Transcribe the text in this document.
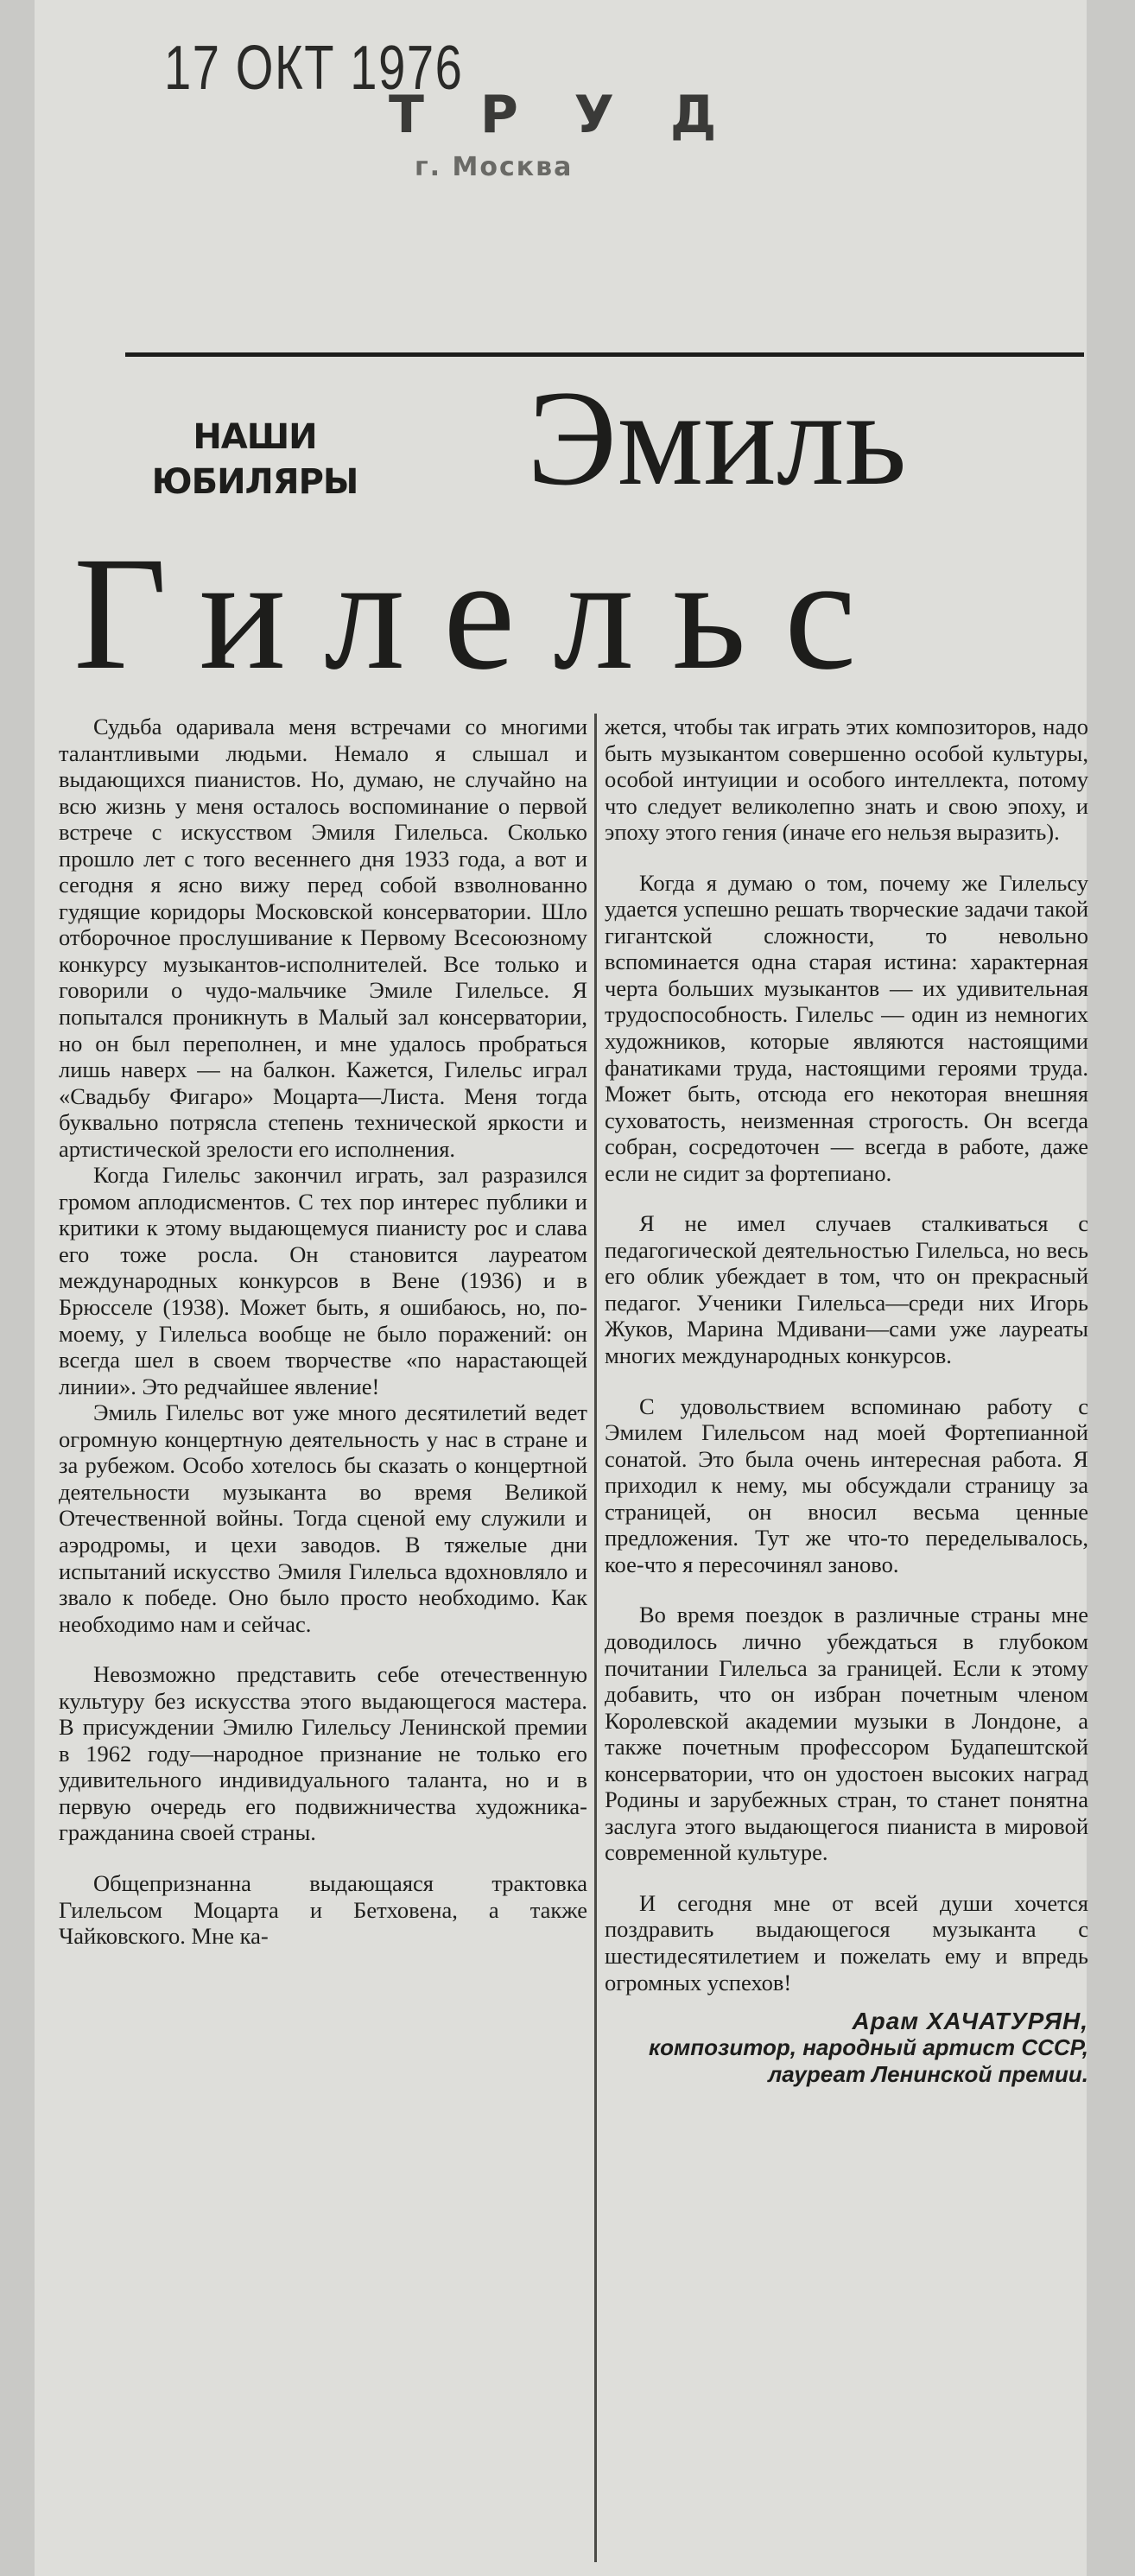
17 ОКТ 1976
Т Р У Д
г. Москва
НАШИ
ЮБИЛЯРЫ Эмиль
Гилельс

Судьба одаривала меня встречами со многими талантливыми людьми. Немало я слышал и выдающихся пианистов. Но, думаю, не случайно на всю жизнь у меня осталось воспоминание о первой встрече с искусством Эмиля Гилельса. Сколько прошло лет с того весеннего дня 1933 года, а вот и сегодня я ясно вижу перед собой взволнованно гудящие коридоры Московской консерватории. Шло отборочное прослушивание к Первому Всесоюзному конкурсу музыкантов-исполнителей. Все только и говорили о чудо-мальчике Эмиле Гилельсе. Я попытался проникнуть в Малый зал консерватории, но он был переполнен, и мне удалось пробраться лишь наверх — на балкон. Кажется, Гилельс играл «Свадьбу Фигаро» Моцарта—Листа. Меня тогда буквально потрясла степень технической яркости и артистической зрелости его исполнения.

Когда Гилельс закончил играть, зал разразился громом аплодисментов. С тех пор интерес публики и критики к этому выдающемуся пианисту рос и слава его тоже росла. Он становится лауреатом международных конкурсов в Вене (1936) и в Брюсселе (1938). Может быть, я ошибаюсь, но, по-моему, у Гилельса вообще не было поражений: он всегда шел в своем творчестве «по нарастающей линии». Это редчайшее явление!

Эмиль Гилельс вот уже много десятилетий ведет огромную концертную деятельность у нас в стране и за рубежом. Особо хотелось бы сказать о концертной деятельности музыканта во время Великой Отечественной войны. Тогда сценой ему служили и аэродромы, и цехи заводов. В тяжелые дни испытаний искусство Эмиля Гилельса вдохновляло и звало к победе. Оно было просто необходимо. Как необходимо нам и сейчас.

Невозможно представить себе отечественную культуру без искусства этого выдающегося мастера. В присуждении Эмилю Гилельсу Ленинской премии в 1962 году—народное признание не только его удивительного индивидуального таланта, но и в первую очередь его подвижничества художника-гражданина своей страны.

Общепризнанна выдающаяся трактовка Гилельсом Моцарта и Бетховена, а также Чайковского. Мне ка-

жется, чтобы так играть этих композиторов, надо быть музыкантом совершенно особой культуры, особой интуиции и особого интеллекта, потому что следует великолепно знать и свою эпоху, и эпоху этого гения (иначе его нельзя выразить).

Когда я думаю о том, почему же Гилельсу удается успешно решать творческие задачи такой гигантской сложности, то невольно вспоминается одна старая истина: характерная черта больших музыкантов — их удивительная трудоспособность. Гилельс — один из немногих художников, которые являются настоящими фанатиками труда, настоящими героями труда. Может быть, отсюда его некоторая внешняя суховатость, неизменная строгость. Он всегда собран, сосредоточен — всегда в работе, даже если не сидит за фортепиано.

Я не имел случаев сталкиваться с педагогической деятельностью Гилельса, но весь его облик убеждает в том, что он прекрасный педагог. Ученики Гилельса—среди них Игорь Жуков, Марина Мдивани—сами уже лауреаты многих международных конкурсов.

С удовольствием вспоминаю работу с Эмилем Гилельсом над моей Фортепианной сонатой. Это была очень интересная работа. Я приходил к нему, мы обсуждали страницу за страницей, он вносил весьма ценные предложения. Тут же что-то переделывалось, кое-что я пересочинял заново.

Во время поездок в различные страны мне доводилось лично убеждаться в глубоком почитании Гилельса за границей. Если к этому добавить, что он избран почетным членом Королевской академии музыки в Лондоне, а также почетным профессором Будапештской консерватории, что он удостоен высоких наград Родины и зарубежных стран, то станет понятна заслуга этого выдающегося пианиста в мировой современной культуре.

И сегодня мне от всей души хочется поздравить выдающегося музыканта с шестидесятилетием и пожелать ему и впредь огромных успехов!

Арам ХАЧАТУРЯН,
композитор, народный артист СССР, лауреат Ленинской премии.
